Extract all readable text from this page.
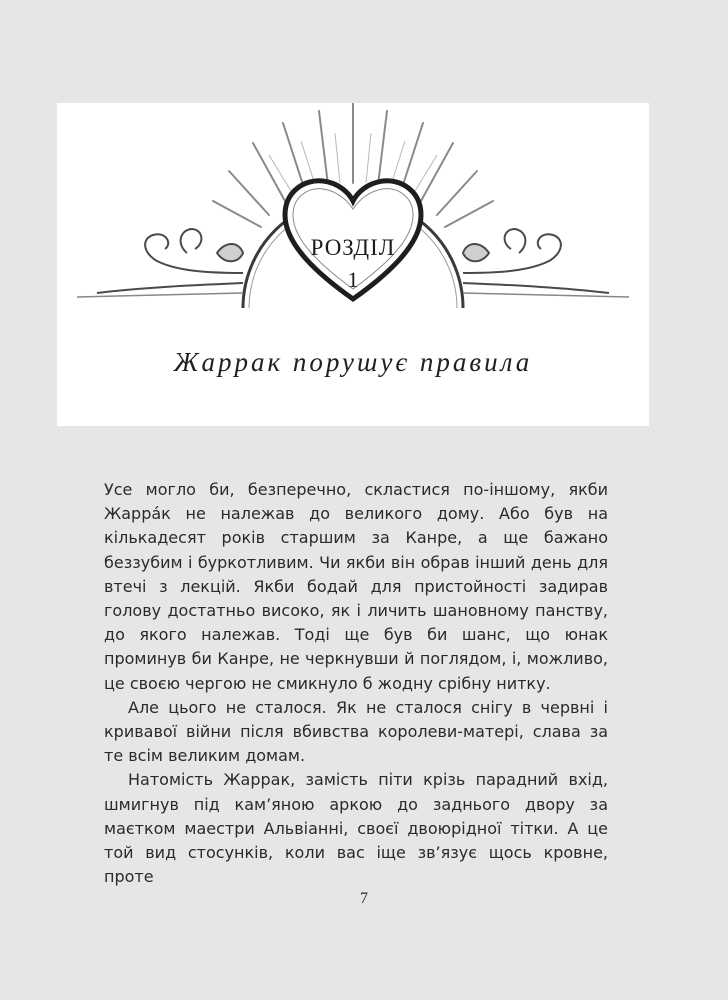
РОЗДІЛ
1
Жаррак порушує правила

Усе могло би, безперечно, скластися по-іншому, якби Жарра́к не належав до великого дому. Або був на кількадесят років старшим за Канре, а ще бажано беззубим і буркотливим. Чи якби він обрав інший день для втечі з лекцій. Якби бодай для пристойності задирав голову достатньо високо, як і личить шановному панству, до якого належав. Тоді ще був би шанс, що юнак проминув би Канре, не черкнувши й поглядом, і, можливо, це своєю чергою не смикнуло б жодну срібну нитку.

Але цього не сталося. Як не сталося снігу в червні і кривавої війни після вбивства королеви-матері, слава за те всім великим домам.

Натомість Жаррак, замість піти крізь парадний вхід, шмигнув під кам’яною аркою до заднього двору за маєтком маестри Альвіанні, своєї двоюрідної тітки. А це той вид стосунків, коли вас іще зв’язує щось кровне, проте

7
